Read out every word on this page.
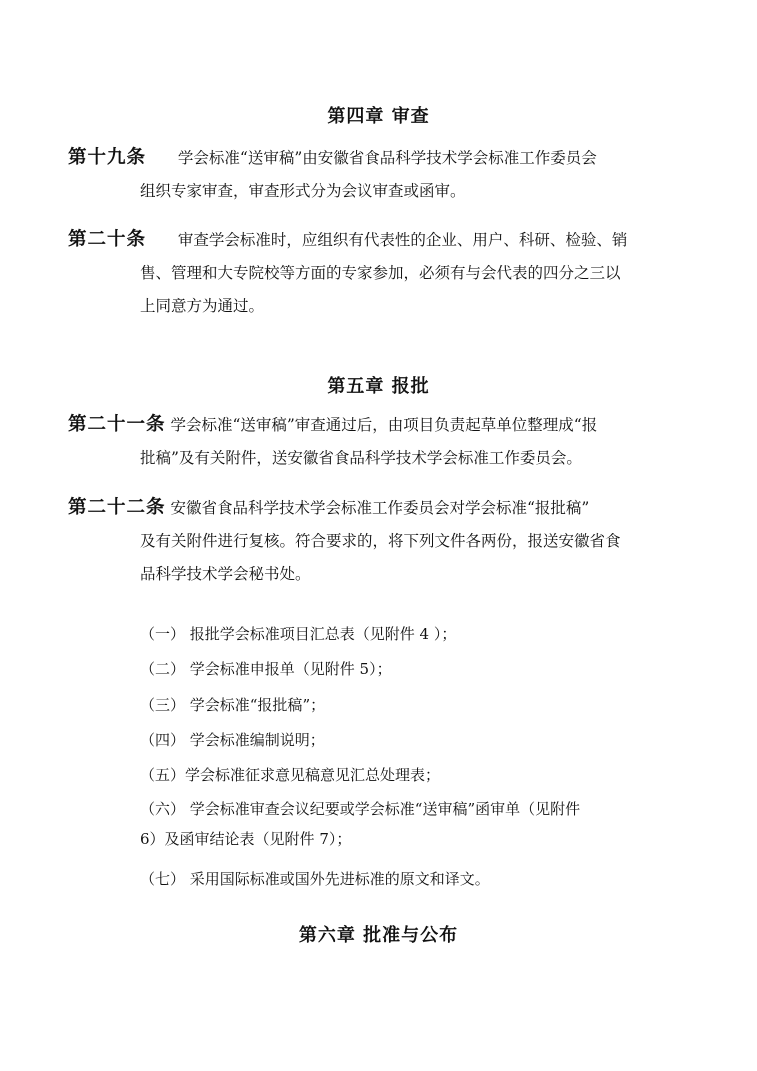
第四章 审查
第十九条 学会标准“送审稿”由安徽省食品科学技术学会标准工作委员会
组织专家审查，审查形式分为会议审查或函审。
第二十条 审查学会标准时，应组织有代表性的企业、用户、科研、检验、销
售、管理和大专院校等方面的专家参加，必须有与会代表的四分之三以
上同意方为通过。
第五章 报批
第二十一条 学会标准“送审稿”审查通过后，由项目负责起草单位整理成“报
批稿”及有关附件，送安徽省食品科学技术学会标准工作委员会。
第二十二条 安徽省食品科学技术学会标准工作委员会对学会标准“报批稿”
及有关附件进行复核。符合要求的，将下列文件各两份，报送安徽省食
品科学技术学会秘书处。
（一） 报批学会标准项目汇总表（见附件 4 ）；
（二） 学会标准申报单（见附件 5）；
（三） 学会标准“报批稿”；
（四） 学会标准编制说明；
（五）学会标准征求意见稿意见汇总处理表；
（六） 学会标准审查会议纪要或学会标准“送审稿”函审单（见附件
6）及函审结论表（见附件 7）；
（七） 采用国际标准或国外先进标准的原文和译文。
第六章 批准与公布
